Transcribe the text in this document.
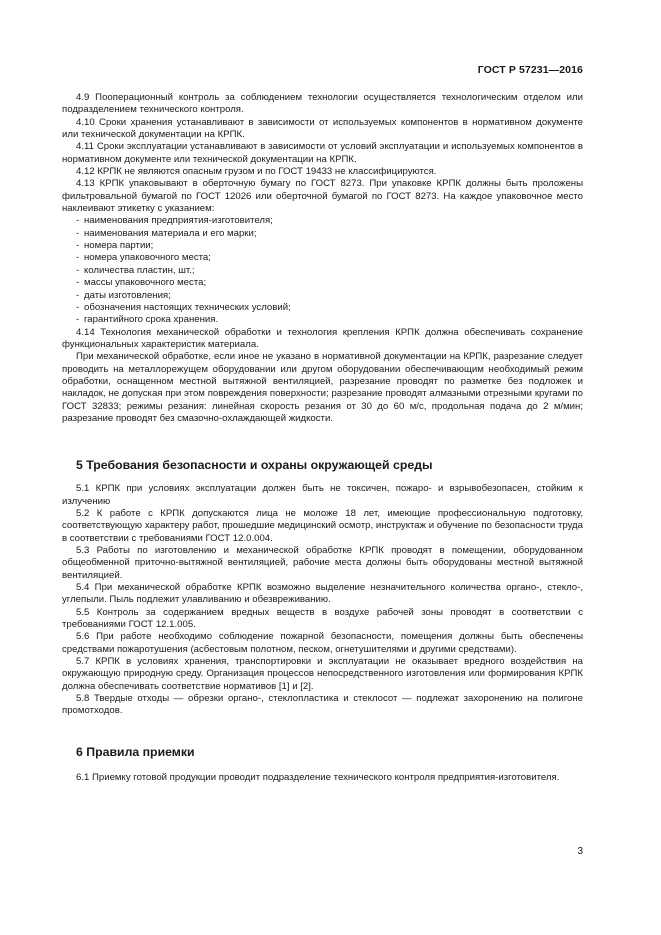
ГОСТ Р 57231—2016

4.9 Пооперационный контроль за соблюдением технологии осуществляется технологическим отделом или подразделением технического контроля.

4.10 Сроки хранения устанавливают в зависимости от используемых компонентов в нормативном документе или технической документации на КРПК.

4.11 Сроки эксплуатации устанавливают в зависимости от условий эксплуатации и используемых компонентов в нормативном документе или технической документации на КРПК.

4.12 КРПК не являются опасным грузом и по ГОСТ 19433 не классифицируются.

4.13 КРПК упаковывают в оберточную бумагу по ГОСТ 8273. При упаковке КРПК должны быть проложены фильтровальной бумагой по ГОСТ 12026 или оберточной бумагой по ГОСТ 8273. На каждое упаковочное место наклеивают этикетку с указанием:

- наименования предприятия-изготовителя;

- наименования материала и его марки;

- номера партии;

- номера упаковочного места;

- количества пластин, шт.;

- массы упаковочного места;

- даты изготовления;

- обозначения настоящих технических условий;

- гарантийного срока хранения.

4.14 Технология механической обработки и технология крепления КРПК должна обеспечивать сохранение функциональных характеристик материала.

При механической обработке, если иное не указано в нормативной документации на КРПК, разрезание следует проводить на металлорежущем оборудовании или другом оборудовании обеспечивающим необходимый режим обработки, оснащенном местной вытяжной вентиляцией, разрезание проводят по разметке без подложек и накладок, не допуская при этом повреждения поверхности; разрезание проводят алмазными отрезными кругами по ГОСТ 32833; режимы резания: линейная скорость резания от 30 до 60 м/с, продольная подача до 2 м/мин; разрезание проводят без смазочно-охлаждающей жидкости.

5 Требования безопасности и охраны окружающей среды

5.1 КРПК при условиях эксплуатации должен быть не токсичен, пожаро- и взрывобезопасен, стойким к излучению

5.2 К работе с КРПК допускаются лица не моложе 18 лет, имеющие профессиональную подготовку, соответствующую характеру работ, прошедшие медицинский осмотр, инструктаж и обучение по безопасности труда в соответствии с требованиями ГОСТ 12.0.004.

5.3 Работы по изготовлению и механической обработке КРПК проводят в помещении, оборудованном общеобменной приточно-вытяжной вентиляцией, рабочие места должны быть оборудованы местной вытяжной вентиляцией.

5.4 При механической обработке КРПК возможно выделение незначительного количества органо-, стекло-, углепыли. Пыль подлежит улавливанию и обезвреживанию.

5.5 Контроль за содержанием вредных веществ в воздухе рабочей зоны проводят в соответствии с требованиями ГОСТ 12.1.005.

5.6 При работе необходимо соблюдение пожарной безопасности, помещения должны быть обеспечены средствами пожаротушения (асбестовым полотном, песком, огнетушителями и другими средствами).

5.7 КРПК в условиях хранения, транспортировки и эксплуатации не оказывает вредного воздействия на окружающую природную среду. Организация процессов непосредственного изготовления или формирования КРПК должна обеспечивать соответствие нормативов [1] и [2].

5.8 Твердые отходы — обрезки органо-, стеклопластика и стеклосот — подлежат захоронению на полигоне промотходов.

6 Правила приемки

6.1 Приемку готовой продукции проводит подразделение технического контроля предприятия-изготовителя.

3
